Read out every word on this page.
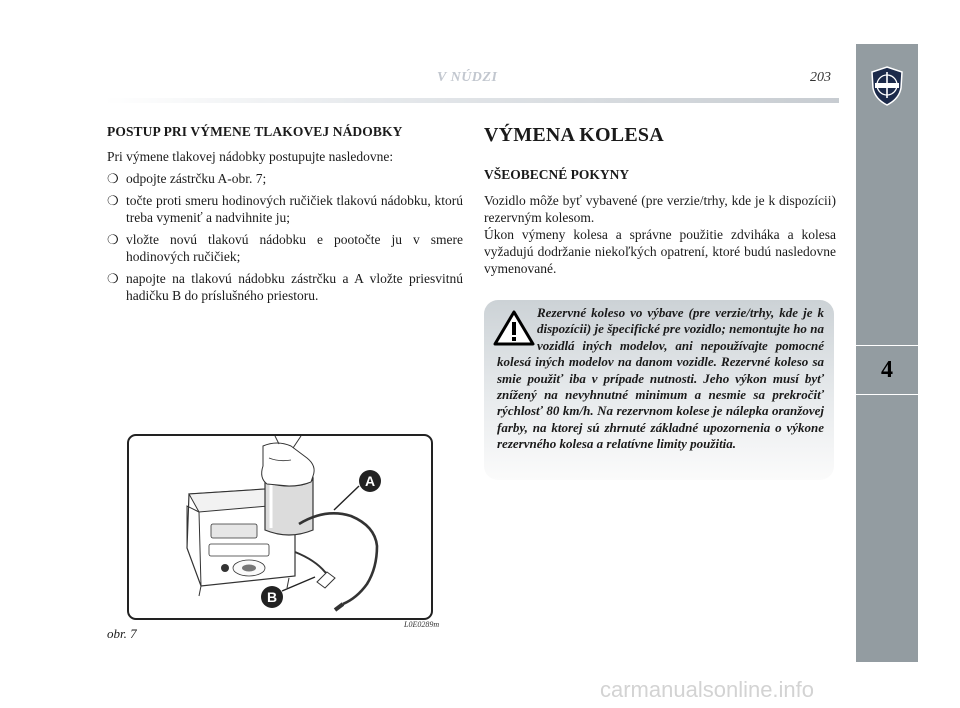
V NÚDZI	203
4
POSTUP PRI VÝMENE TLAKOVEJ NÁDOBKY
Pri výmene tlakovej nádobky postupujte nasledovne:
❍ odpojte zástrčku A-obr. 7;
❍ točte proti smeru hodinových ručičiek tlakovú nádobku, ktorú treba vymeniť a nadvihnite ju;
❍ vložte novú tlakovú nádobku e pootočte ju v smere hodinových ručičiek;
❍ napojte na tlakovú nádobku zástrčku a A vložte priesvitnú hadičku B do príslušného priestoru.
A
B
L0E0289m
obr. 7
VÝMENA KOLESA
VŠEOBECNÉ POKYNY
Vozidlo môže byť vybavené (pre verzie/trhy, kde je k dispozícii) rezervným kolesom.
Úkon výmeny kolesa a správne použitie zdviháka a kolesa vyžadujú dodržanie niekoľkých opatrení, ktoré budú nasledovne vymenované.
Rezervné koleso vo výbave (pre verzie/trhy, kde je k dispozícii) je špecifické pre vozidlo; nemontujte ho na vozidlá iných modelov, ani nepoužívajte pomocné kolesá iných modelov na danom vozidle. Rezervné koleso sa smie použiť iba v prípade nutnosti. Jeho výkon musí byť znížený na nevyhnutné minimum a nesmie sa prekročiť rýchlosť 80 km/h. Na rezervnom kolese je nálepka oranžovej farby, na ktorej sú zhrnuté základné upozornenia o výkone rezervného kolesa a relatívne limity použitia.
carmanualsonline.info
